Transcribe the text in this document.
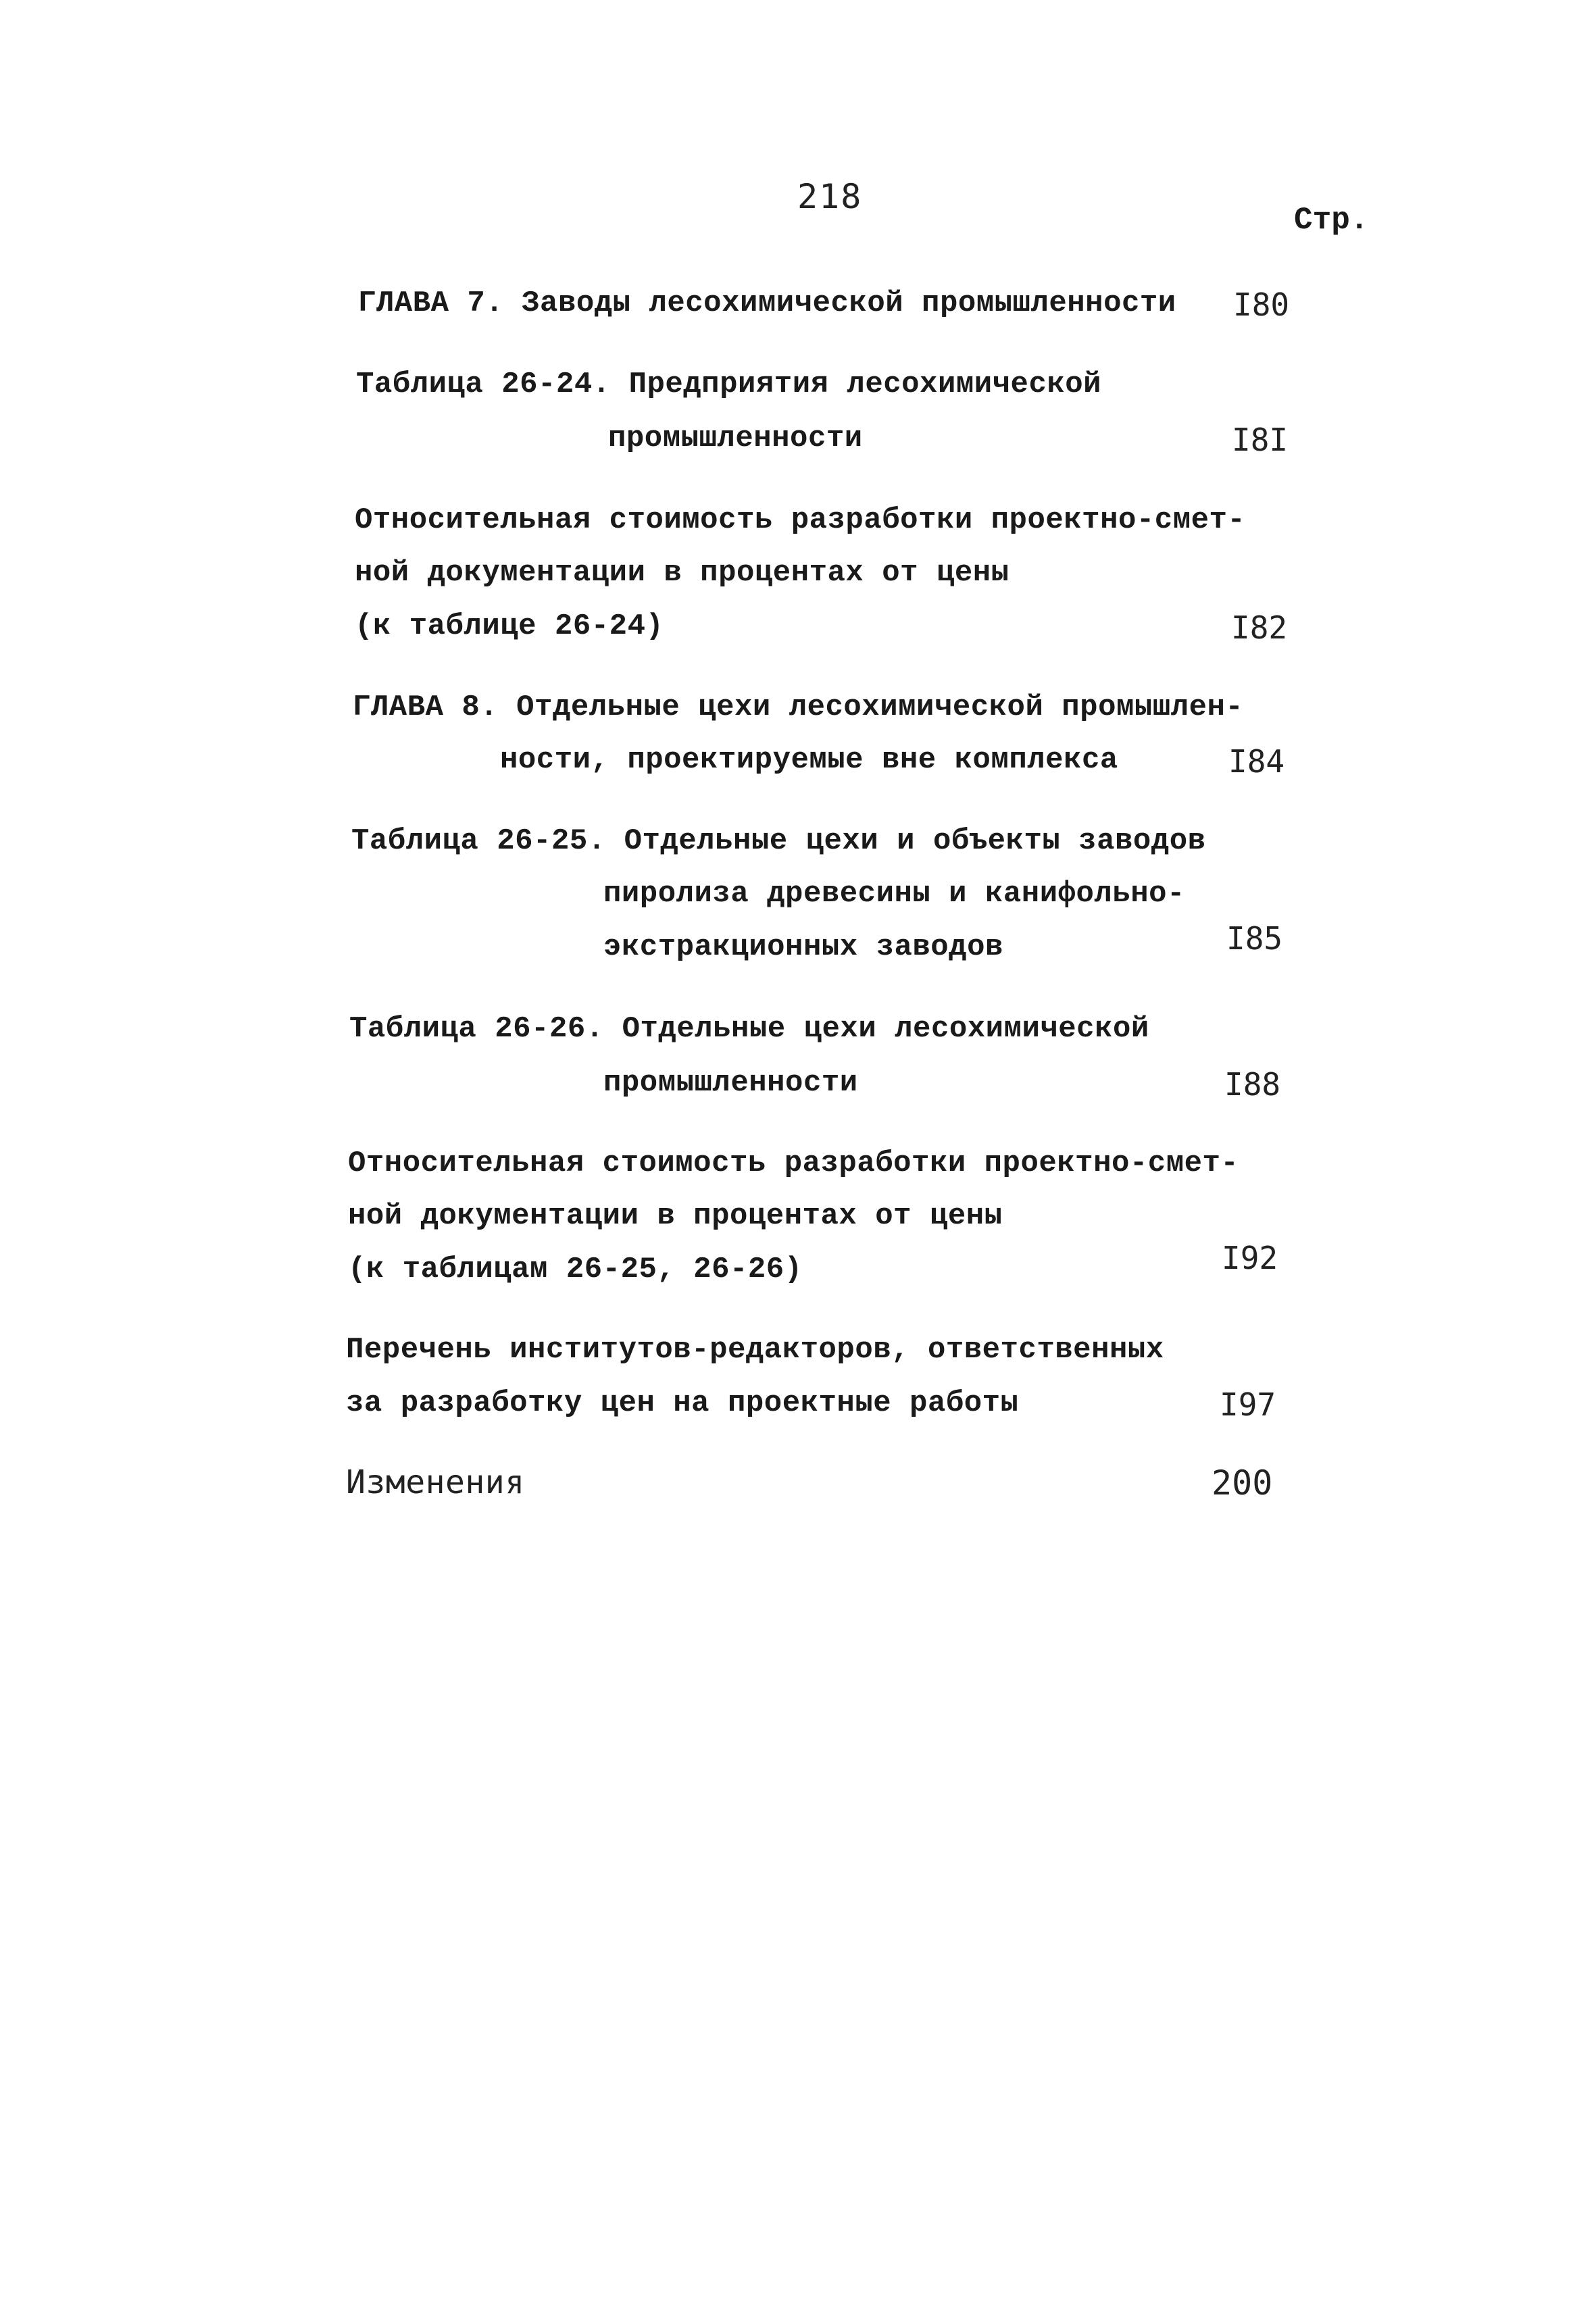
218
Стр.
ГЛАВА 7. Заводы лесохимической промышленности I80
Таблица 26-24. Предприятия лесохимической
промышленности	I8I
Относительная стоимость разработки проектно-смет-
ной документации в процентах от цены
(к таблице 26-24)	I82
ГЛАВА 8. Отдельные цехи лесохимической промышлен-
ности, проектируемые вне комплекса	I84
Таблица 26-25. Отдельные цехи и объекты заводов
пиролиза древесины и канифольно-
экстракционных заводов	I85
Таблица 26-26. Отдельные цехи лесохимической
промышленности	I88
Относительная стоимость разработки проектно-смет-
ной документации в процентах от цены
(к таблицам 26-25, 26-26)	I92
Перечень институтов-редакторов, ответственных
за разработку цен на проектные работы	I97
Изменения	200
